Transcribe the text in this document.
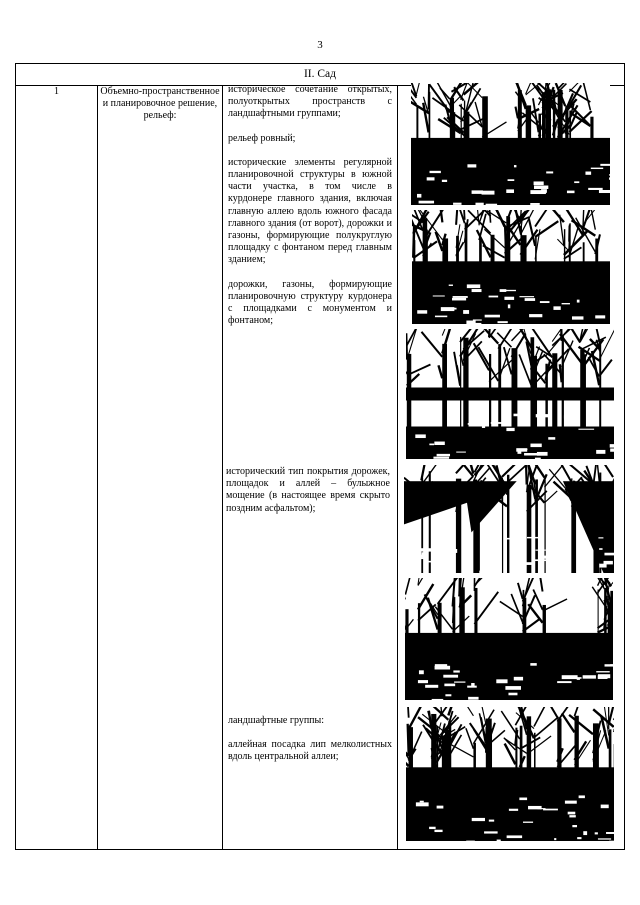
3
II. Сад
1	Объемно-пространственное и планировочное решение, рельеф:

историческое сочетание открытых, полуоткрытых пространств с ландшафтными группами;

рельеф ровный;

исторические элементы регулярной планировочной структуры в южной части участка, в том числе в курдонере главного здания, включая главную аллею вдоль южного фасада главного здания (от ворот), дорожки и газоны, формирующие полукруглую площадку с фонтаном перед главным зданием;

дорожки, газоны, формирующие планировочную структуру курдонера с площадками с монументом и фонтаном;

исторический тип покрытия дорожек, площадок и аллей – булыжное мощение (в настоящее время скрыто поздним асфальтом);

ландшафтные группы:

аллейная посадка лип мелколистных вдоль центральной аллеи;
